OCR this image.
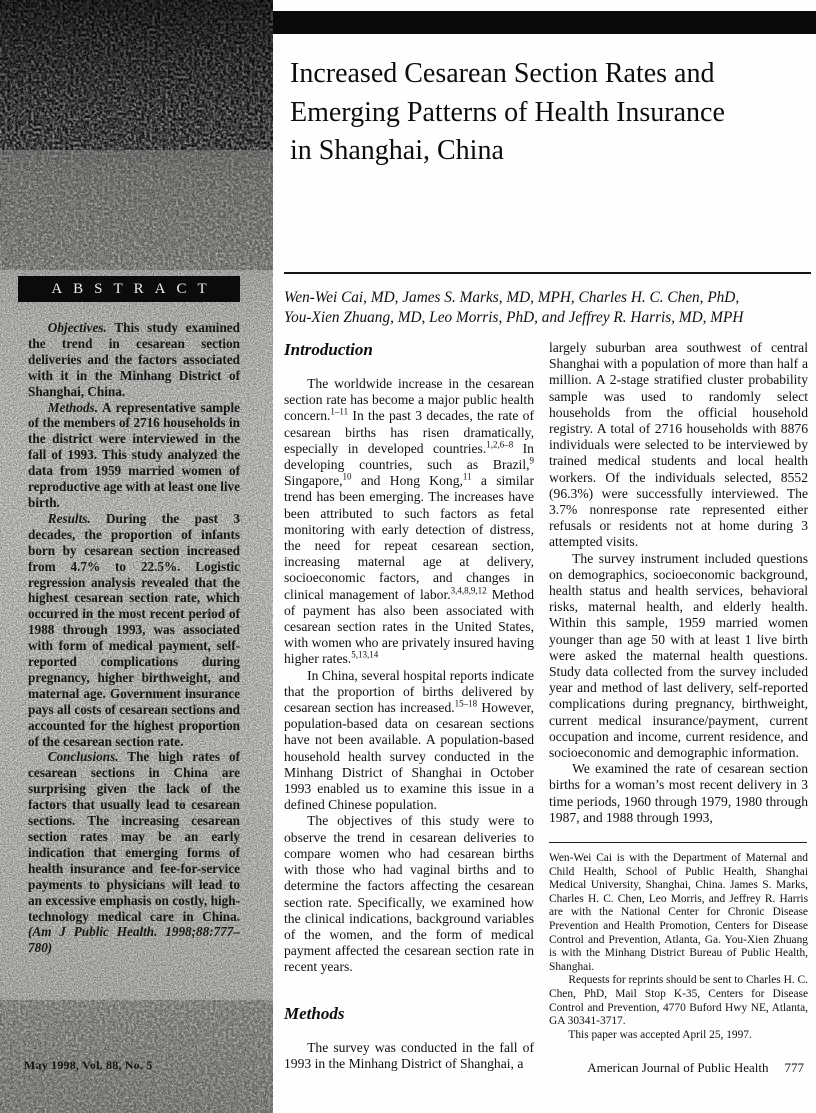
ABSTRACT

Objectives. This study examined the trend in cesarean section deliveries and the factors associated with it in the Minhang District of Shanghai, China.

Methods. A representative sample of the members of 2716 households in the district were interviewed in the fall of 1993. This study analyzed the data from 1959 married women of reproductive age with at least one live birth.

Results. During the past 3 decades, the proportion of infants born by cesarean section increased from 4.7% to 22.5%. Logistic regression analysis revealed that the highest cesarean section rate, which occurred in the most recent period of 1988 through 1993, was associated with form of medical payment, self-reported complications during pregnancy, higher birthweight, and maternal age. Government insurance pays all costs of cesarean sections and accounted for the highest proportion of the cesarean section rate.

Conclusions. The high rates of cesarean sections in China are surprising given the lack of the factors that usually lead to cesarean sections. The increasing cesarean section rates may be an early indication that emerging forms of health insurance and fee-for-service payments to physicians will lead to an excessive emphasis on costly, high-technology medical care in China. (Am J Public Health. 1998;88:777–780)

Increased Cesarean Section Rates and
Emerging Patterns of Health Insurance
in Shanghai, China
Wen-Wei Cai, MD, James S. Marks, MD, MPH, Charles H. C. Chen, PhD,
You-Xien Zhuang, MD, Leo Morris, PhD, and Jeffrey R. Harris, MD, MPH
Introduction

The worldwide increase in the cesarean section rate has become a major public health concern.$^{1-11}$ In the past 3 decades, the rate of cesarean births has risen dramatically, especially in developed countries.$^{1,2,6-8}$ In developing countries, such as Brazil,$^9$ Singapore,$^{10}$ and Hong Kong,$^{11}$ a similar trend has been emerging. The increases have been attributed to such factors as fetal monitoring with early detection of distress, the need for repeat cesarean section, increasing maternal age at delivery, socioeconomic factors, and changes in clinical management of labor.$^{3,4,8,9,12}$ Method of payment has also been associated with cesarean section rates in the United States, with women who are privately insured having higher rates.$^{5,13,14}$

In China, several hospital reports indicate that the proportion of births delivered by cesarean section has increased.$^{15-18}$ However, population-based data on cesarean sections have not been available. A population-based household health survey conducted in the Minhang District of Shanghai in October 1993 enabled us to examine this issue in a defined Chinese population.

The objectives of this study were to observe the trend in cesarean deliveries to compare women who had cesarean births with those who had vaginal births and to determine the factors affecting the cesarean section rate. Specifically, we examined how the clinical indications, background variables of the women, and the form of medical payment affected the cesarean section rate in recent years.

Methods

The survey was conducted in the fall of 1993 in the Minhang District of Shanghai, a

largely suburban area southwest of central Shanghai with a population of more than half a million. A 2-stage stratified cluster probability sample was used to randomly select households from the official household registry. A total of 2716 households with 8876 individuals were selected to be interviewed by trained medical students and local health workers. Of the individuals selected, 8552 (96.3%) were successfully interviewed. The 3.7% nonresponse rate represented either refusals or residents not at home during 3 attempted visits.

The survey instrument included questions on demographics, socioeconomic background, health status and health services, behavioral risks, maternal health, and elderly health. Within this sample, 1959 married women younger than age 50 with at least 1 live birth were asked the maternal health questions. Study data collected from the survey included year and method of last delivery, self-reported complications during pregnancy, birthweight, current medical insurance/payment, current occupation and income, current residence, and socioeconomic and demographic information.

We examined the rate of cesarean section births for a woman’s most recent delivery in 3 time periods, 1960 through 1979, 1980 through 1987, and 1988 through 1993,

Wen-Wei Cai is with the Department of Maternal and Child Health, School of Public Health, Shanghai Medical University, Shanghai, China. James S. Marks, Charles H. C. Chen, Leo Morris, and Jeffrey R. Harris are with the National Center for Chronic Disease Prevention and Health Promotion, Centers for Disease Control and Prevention, Atlanta, Ga. You-Xien Zhuang is with the Minhang District Bureau of Public Health, Shanghai.

Requests for reprints should be sent to Charles H. C. Chen, PhD, Mail Stop K-35, Centers for Disease Control and Prevention, 4770 Buford Hwy NE, Atlanta, GA 30341-3717.

This paper was accepted April 25, 1997.

May 1998, Vol. 88, No. 5	American Journal of Public Health 777
